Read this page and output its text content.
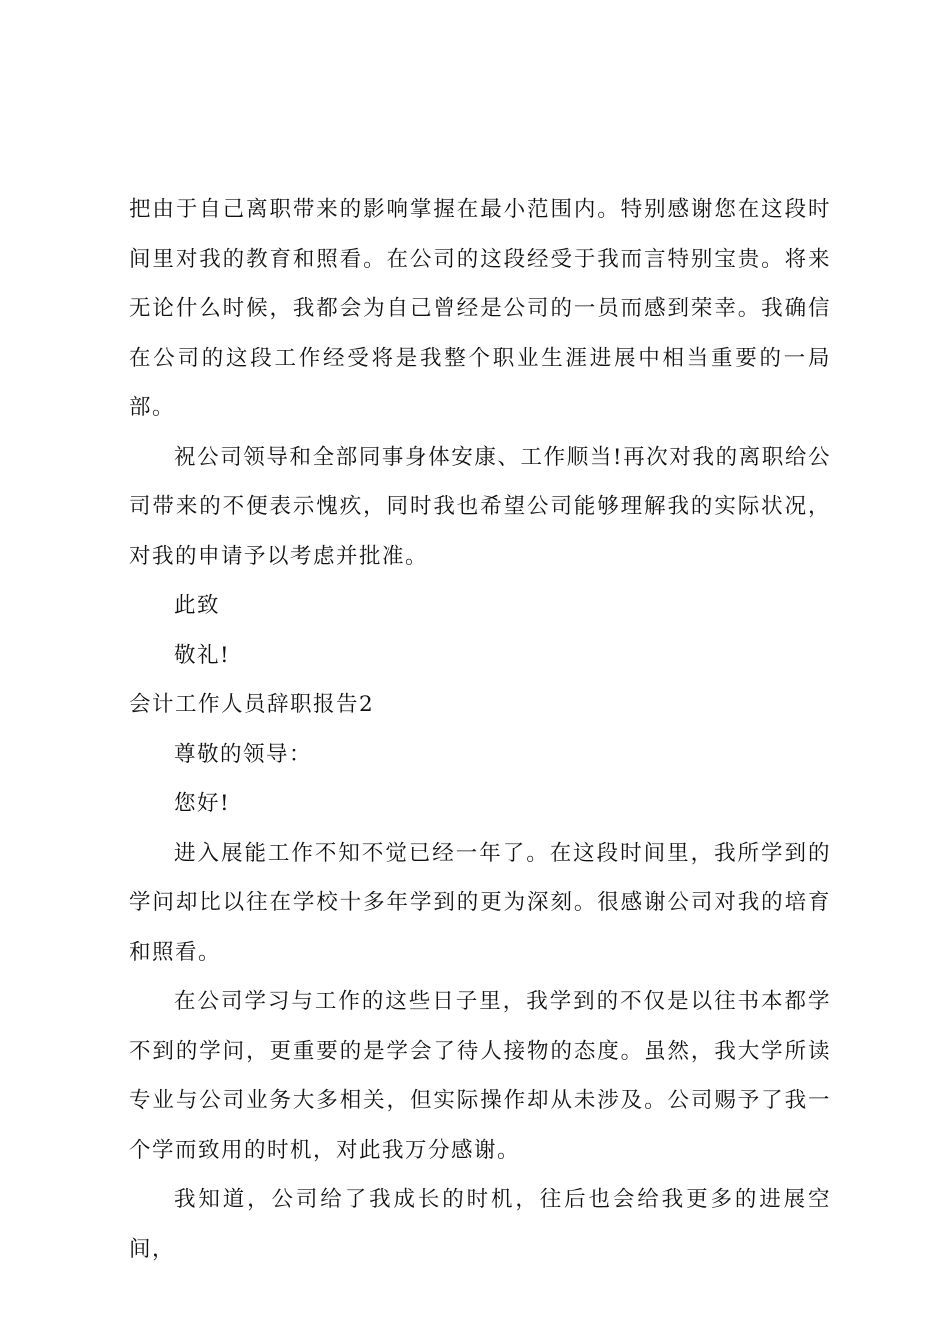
把由于自己离职带来的影响掌握在最小范围内。特别感谢您在这段时间里对我的教育和照看。在公司的这段经受于我而言特别宝贵。将来无论什么时候，我都会为自己曾经是公司的一员而感到荣幸。我确信在公司的这段工作经受将是我整个职业生涯进展中相当重要的一局部。

祝公司领导和全部同事身体安康、工作顺当!再次对我的离职给公司带来的不便表示愧疚，同时我也希望公司能够理解我的实际状况，对我的申请予以考虑并批准。

此致

敬礼!

会计工作人员辞职报告2

尊敬的领导：

您好!

进入展能工作不知不觉已经一年了。在这段时间里，我所学到的学问却比以往在学校十多年学到的更为深刻。很感谢公司对我的培育和照看。

在公司学习与工作的这些日子里，我学到的不仅是以往书本都学不到的学问，更重要的是学会了待人接物的态度。虽然，我大学所读专业与公司业务大多相关，但实际操作却从未涉及。公司赐予了我一个学而致用的时机，对此我万分感谢。

我知道，公司给了我成长的时机，往后也会给我更多的进展空间，
